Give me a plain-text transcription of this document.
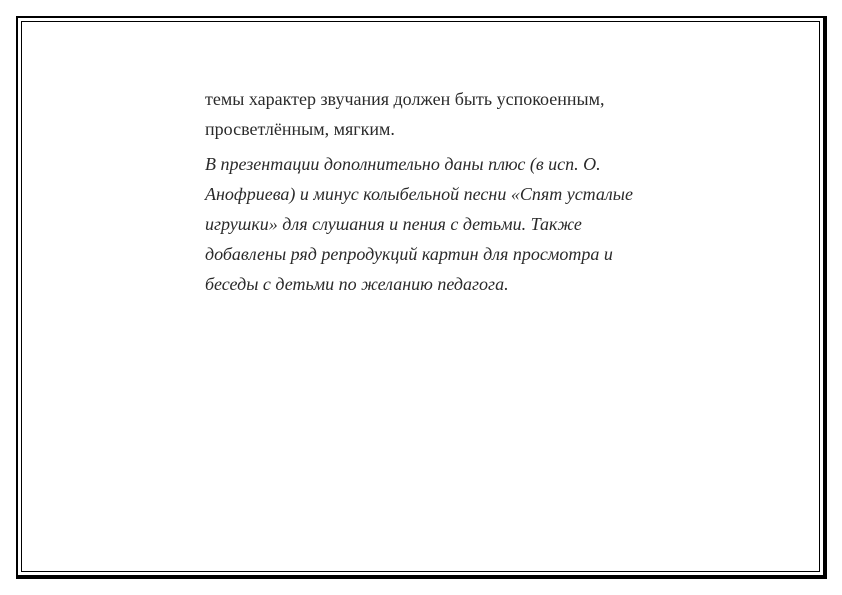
темы характер звучания должен быть успокоенным,
просветлённым, мягким.

В презентации дополнительно даны плюс (в исп. О.
Анофриева) и минус колыбельной песни «Спят усталые
игрушки» для слушания и пения с детьми. Также
добавлены ряд репродукций картин для просмотра и
беседы с детьми по желанию педагога.
